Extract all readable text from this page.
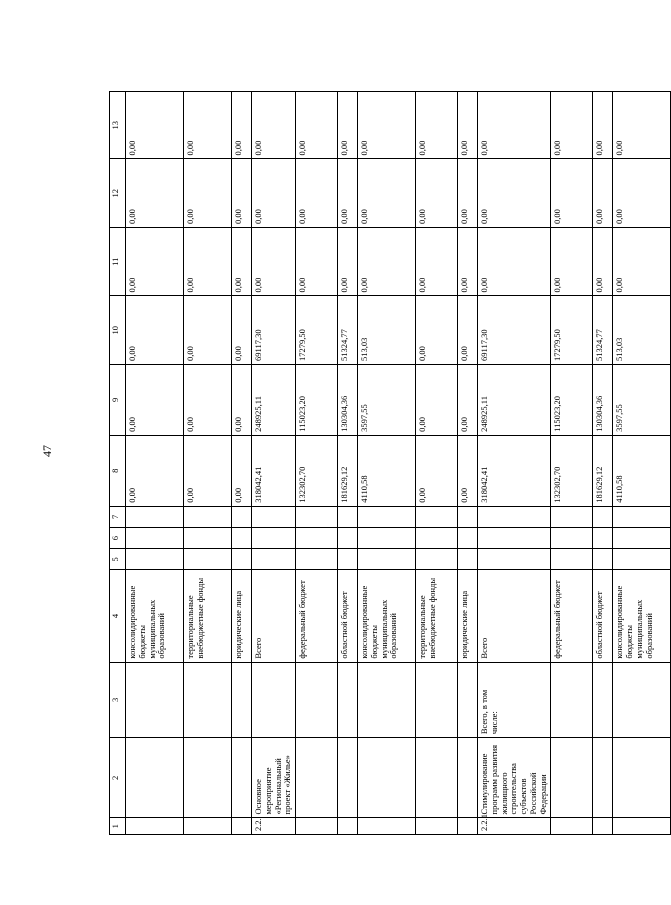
47
1	2	3	4	5	6	7	8	9	10	11	12	13
			консолидированные бюджеты муниципальных образований				0,00	0,00	0,00	0,00	0,00	0,00
			территориальные внебюджетные фонды				0,00	0,00	0,00	0,00	0,00	0,00
			юридические лица				0,00	0,00	0,00	0,00	0,00	0,00
2.2.	Основное мероприятие «Региональный проект «Жилье»		Всего				318042,41	248925,11	69117,30	0,00	0,00	0,00
			федеральный бюджет				132302,70	115023,20	17279,50	0,00	0,00	0,00
			областной бюджет				181629,12	130304,36	51324,77	0,00	0,00	0,00
			консолидированные бюджеты муниципальных образований				4110,58	3597,55	513,03	0,00	0,00	0,00
			территориальные внебюджетные фонды				0,00	0,00	0,00	0,00	0,00	0,00
			юридические лица				0,00	0,00	0,00	0,00	0,00	0,00
2.2.1.	Стимулирование программ развития жилищного строительства субъектов Российской Федерации	Всего, в том числе:	Всего				318042,41	248925,11	69117,30	0,00	0,00	0,00
			федеральный бюджет				132302,70	115023,20	17279,50	0,00	0,00	0,00
			областной бюджет				181629,12	130304,36	51324,77	0,00	0,00	0,00
			консолидированные бюджеты муниципальных образований				4110,58	3597,55	513,03	0,00	0,00	0,00
